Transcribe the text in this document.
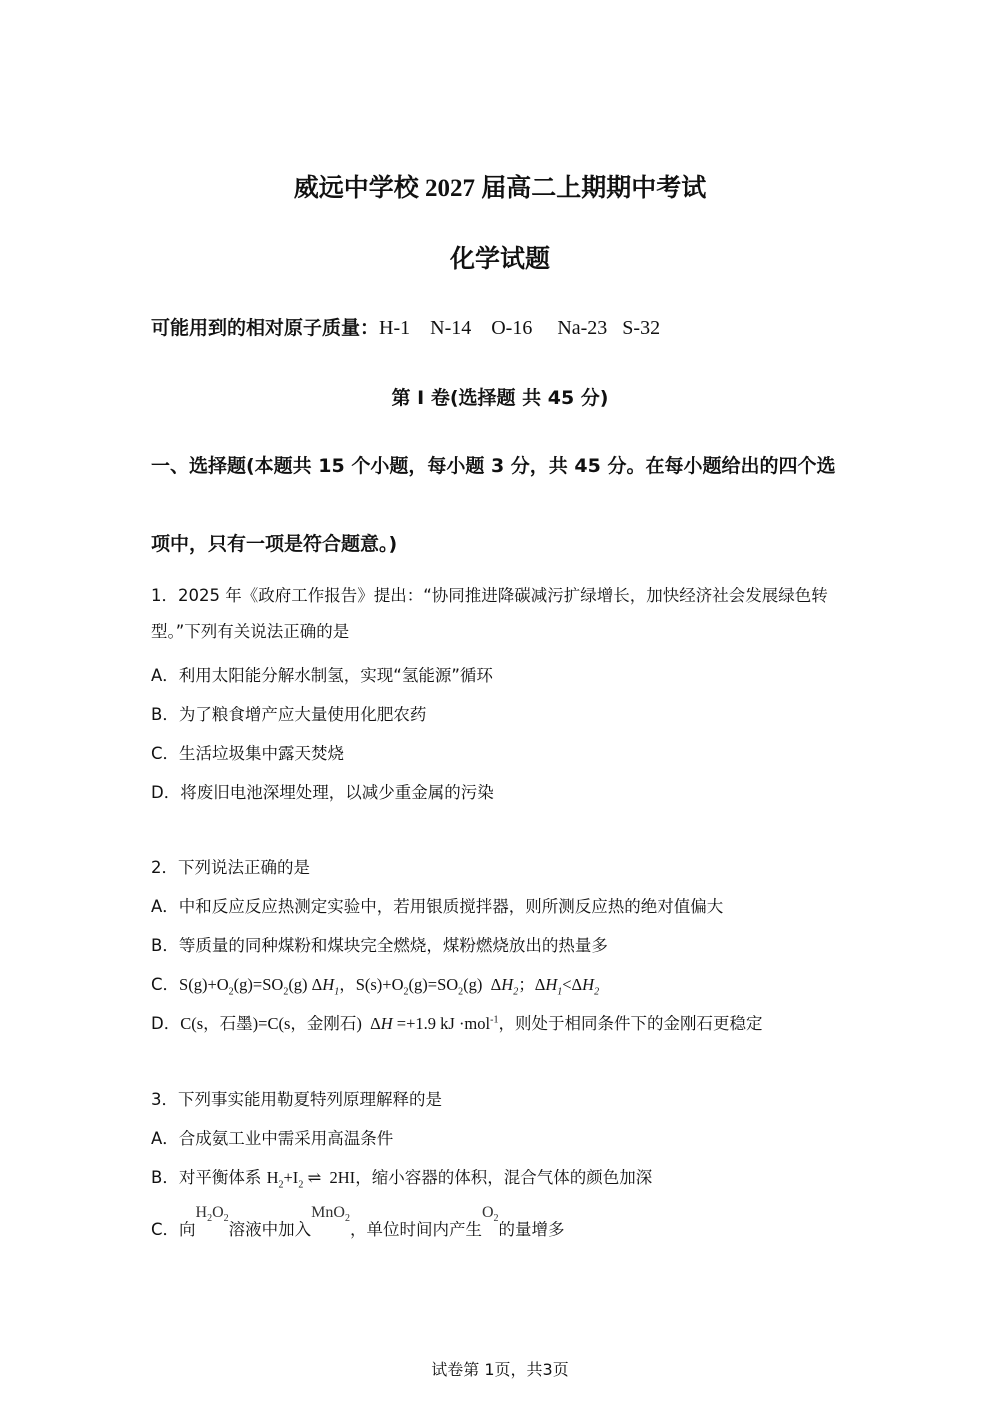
威远中学校 2027 届高二上期期中考试
化学试题
可能用到的相对原子质量：H-1    N-14    O-16     Na-23   S-32
第 Ⅰ 卷(选择题 共 45 分)
一、选择题(本题共 15 个小题，每小题 3 分，共 45 分。在每小题给出的四个选
项中，只有一项是符合题意。)
1．2025 年《政府工作报告》提出：“协同推进降碳减污扩绿增长，加快经济社会发展绿色转型。”下列有关说法正确的是
A．利用太阳能分解水制氢，实现“氢能源”循环
B．为了粮食增产应大量使用化肥农药
C．生活垃圾集中露天焚烧
D．将废旧电池深埋处理，以减少重金属的污染
2．下列说法正确的是
A．中和反应反应热测定实验中，若用银质搅拌器，则所测反应热的绝对值偏大
B．等质量的同种煤粉和煤块完全燃烧，煤粉燃烧放出的热量多
C．$S(g)+O_2(g)=SO_2(g)$ $\Delta H_1$，$S(s)+O_2(g)=SO_2(g)$  $\Delta H_2$；$\Delta H_1<\Delta H_2$
D．C(s，石墨)=C(s，金刚石)  ΔH =+1.9 kJ ·mol$^{-1}$，则处于相同条件下的金刚石更稳定
3．下列事实能用勒夏特列原理解释的是
A．合成氨工业中需采用高温条件
B．对平衡体系 $H_2+I_2$ ⇌  2HI，缩小容器的体积，混合气体的颜色加深
C．向$H_2O_2$溶液中加入MnO$_2$，单位时间内产生$O_2$的量增多
试卷第 1页，共3页
